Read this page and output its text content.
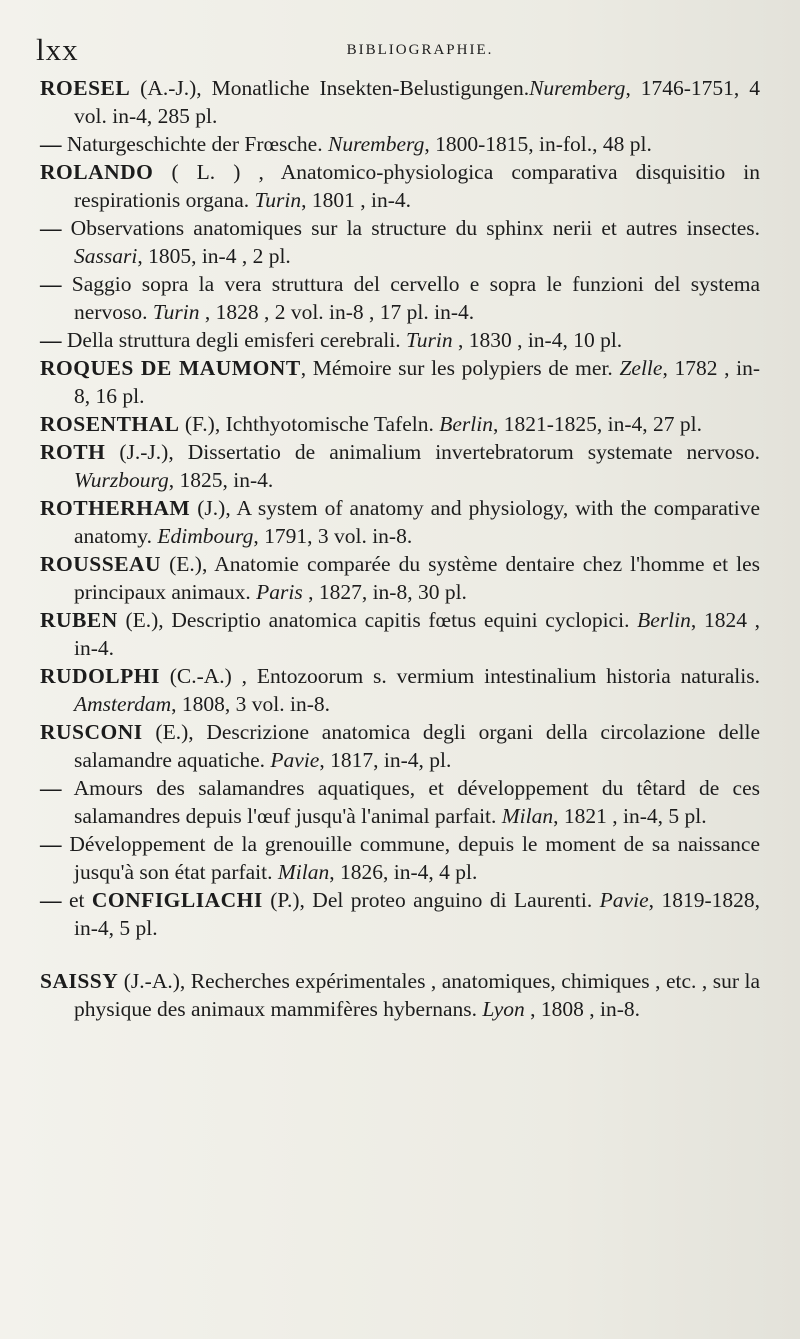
lxx	BIBLIOGRAPHIE.

ROESEL (A.-J.), Monatliche Insekten-Belustigungen.Nuremberg, 1746-1751, 4 vol. in-4, 285 pl.

— Naturgeschichte der Frœsche. Nuremberg, 1800-1815, in-fol., 48 pl.

ROLANDO ( L. ) , Anatomico-physiologica comparativa disquisitio in respirationis organa. Turin, 1801 , in-4.

— Observations anatomiques sur la structure du sphinx nerii et autres insectes. Sassari, 1805, in-4 , 2 pl.

— Saggio sopra la vera struttura del cervello e sopra le funzioni del systema nervoso. Turin , 1828 , 2 vol. in-8 , 17 pl. in-4.

— Della struttura degli emisferi cerebrali. Turin , 1830 , in-4, 10 pl.

ROQUES DE MAUMONT, Mémoire sur les polypiers de mer. Zelle, 1782 , in-8, 16 pl.

ROSENTHAL (F.), Ichthyotomische Tafeln. Berlin, 1821-1825, in-4, 27 pl.

ROTH (J.-J.), Dissertatio de animalium invertebratorum systemate nervoso. Wurzbourg, 1825, in-4.

ROTHERHAM (J.), A system of anatomy and physiology, with the comparative anatomy. Edimbourg, 1791, 3 vol. in-8.

ROUSSEAU (E.), Anatomie comparée du système dentaire chez l'homme et les principaux animaux. Paris , 1827, in-8, 30 pl.

RUBEN (E.), Descriptio anatomica capitis fœtus equini cyclopici. Berlin, 1824 , in-4.

RUDOLPHI (C.-A.) , Entozoorum s. vermium intestinalium historia naturalis. Amsterdam, 1808, 3 vol. in-8.

RUSCONI (E.), Descrizione anatomica degli organi della circolazione delle salamandre aquatiche. Pavie, 1817, in-4, pl.

— Amours des salamandres aquatiques, et développement du têtard de ces salamandres depuis l'œuf jusqu'à l'animal parfait. Milan, 1821 , in-4, 5 pl.

— Développement de la grenouille commune, depuis le moment de sa naissance jusqu'à son état parfait. Milan, 1826, in-4, 4 pl.

— et CONFIGLIACHI (P.), Del proteo anguino di Laurenti. Pavie, 1819-1828, in-4, 5 pl.

SAISSY (J.-A.), Recherches expérimentales , anatomiques, chimiques , etc. , sur la physique des animaux mammifères hybernans. Lyon , 1808 , in-8.
